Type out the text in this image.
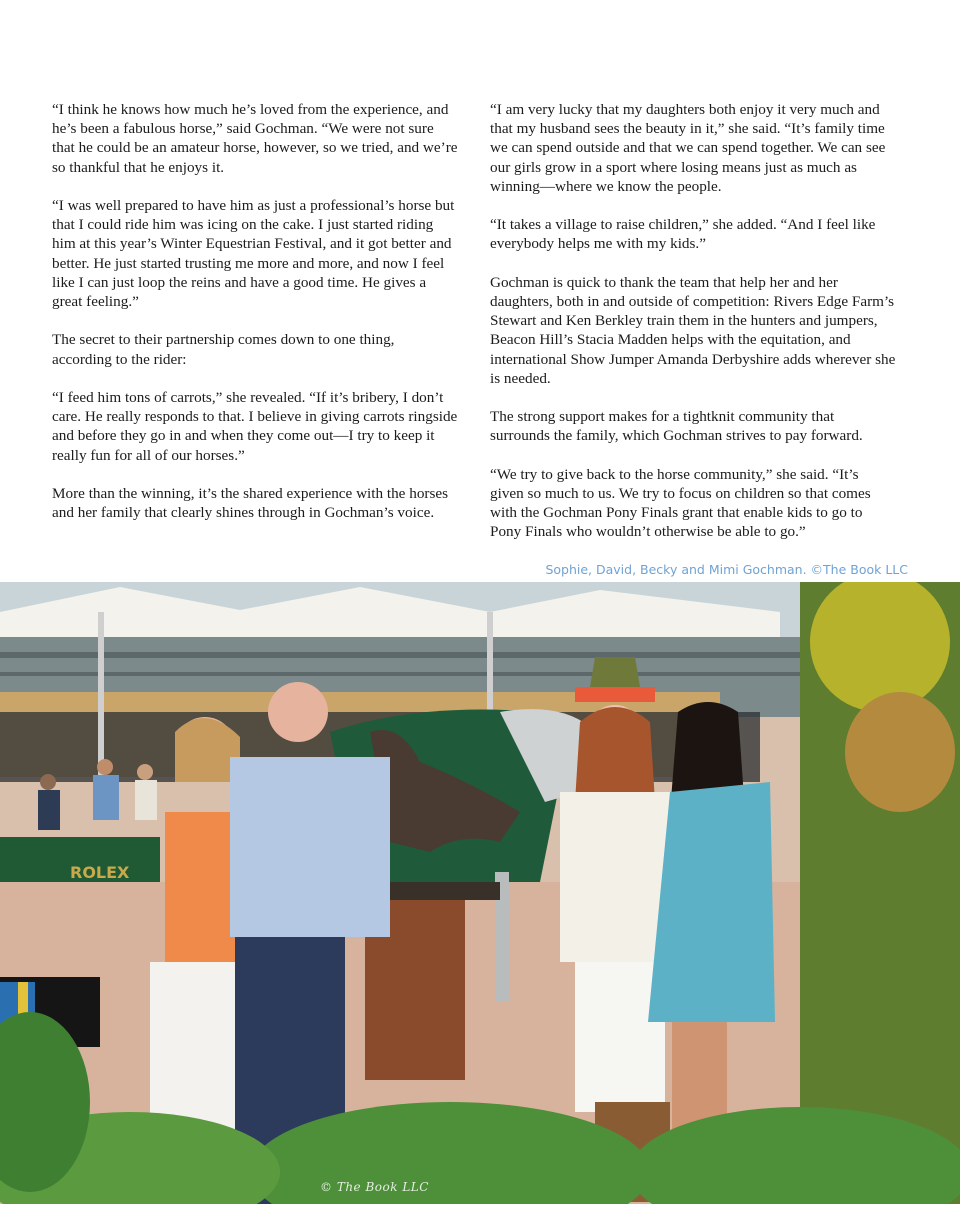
“I think he knows how much he’s loved from the experience, and he’s been a fabulous horse,” said Gochman. “We were not sure that he could be an amateur horse, however, so we tried, and we’re so thankful that he enjoys it.

“I was well prepared to have him as just a professional’s horse but that I could ride him was icing on the cake. I just started riding him at this year’s Winter Equestrian Festival, and it got better and better. He just started trusting me more and more, and now I feel like I can just loop the reins and have a good time. He gives a great feeling.”

The secret to their partnership comes down to one thing, according to the rider:

“I feed him tons of carrots,” she revealed. “If it’s bribery, I don’t care. He really responds to that. I believe in giving carrots ringside and before they go in and when they come out—I try to keep it really fun for all of our horses.”

More than the winning, it’s the shared experience with the horses and her family that clearly shines through in Gochman’s voice.

“I am very lucky that my daughters both enjoy it very much and that my husband sees the beauty in it,” she said. “It’s family time we can spend outside and that we can spend together. We can see our girls grow in a sport where losing means just as much as winning—where we know the people.

“It takes a village to raise children,” she added. “And I feel like everybody helps me with my kids.”

Gochman is quick to thank the team that help her and her daughters, both in and outside of competition: Rivers Edge Farm’s Stewart and Ken Berkley train them in the hunters and jumpers, Beacon Hill’s Stacia Madden helps with the equitation, and international Show Jumper Amanda Derbyshire adds wherever she is needed.

The strong support makes for a tightknit community that surrounds the family, which Gochman strives to pay forward.

“We try to give back to the horse community,” she said. “It’s given so much to us. We try to focus on children so that comes with the Gochman Pony Finals grant that enable kids to go to Pony Finals who wouldn’t otherwise be able to go.”

Sophie, David, Becky and Mimi Gochman. ©The Book LLC
ROLEX
© The Book LLC
